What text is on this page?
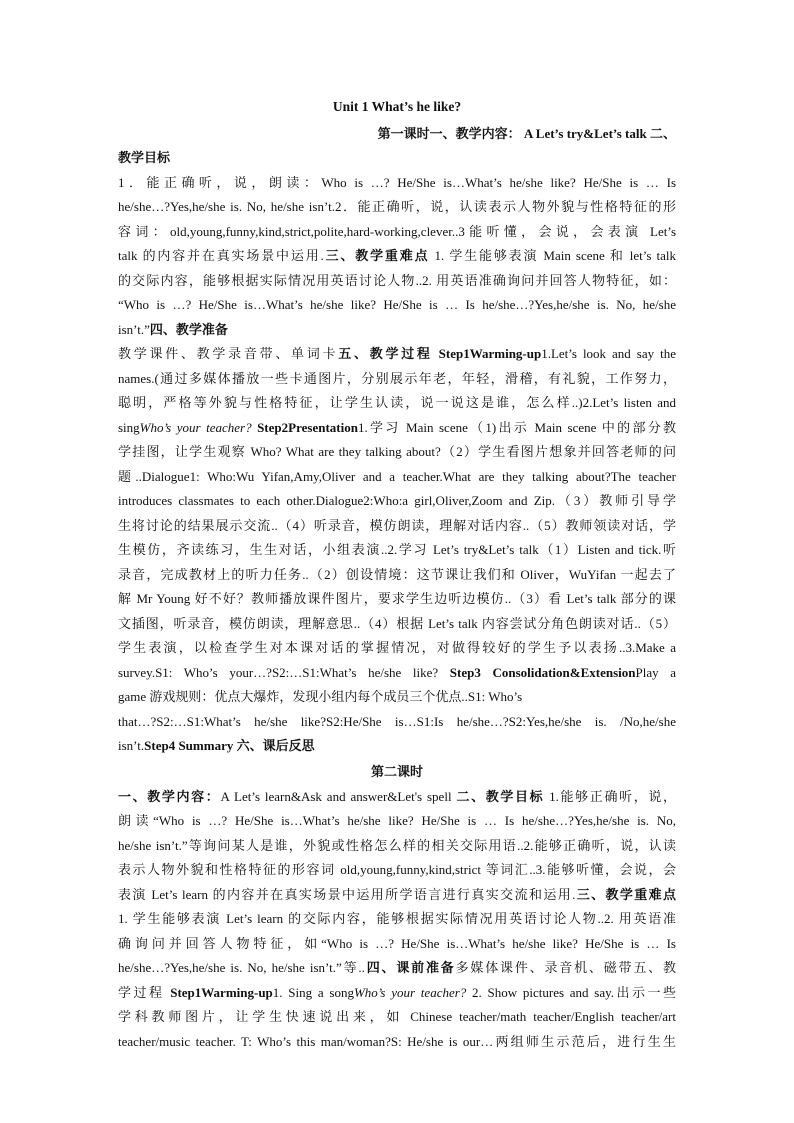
Unit 1 What’s he like?
第一课时一、教学内容： A Let’s try&Let’s talk 二、
教学目标
1．能正确听，说，朗读：Who is …? He/She is…What’s he/she like? He/She is … Is
he/she…?Yes,he/she is. No, he/she isn’t.2．能正确听，说，认读表示人物外貌与性格特征的形
容词：old,young,funny,kind,strict,polite,hard-working,clever..3能听懂，会说，会表演 Let’s
talk 的内容并在真实场景中运用.三、教学重难点 1. 学生能够表演 Main scene 和 let’s talk
的交际内容，能够根据实际情况用英语讨论人物..2. 用英语准确询问并回答人物特征，如：
“Who is …? He/She is…What’s he/she like? He/She is … Is he/she…?Yes,he/she is. No, he/she
isn’t.”四、教学准备
教学课件、教学录音带、单词卡五、教学过程 Step1Warming-up1.Let’s look and say the
names.(通过多媒体播放一些卡通图片，分别展示年老，年轻，滑稽，有礼貌，工作努力，
聪明，严格等外貌与性格特征，让学生认读，说一说这是谁，怎么样..)2.Let’s listen and
singWho’s your teacher? Step2Presentation1.学习 Main scene（1)出示 Main scene 中的部分教
学挂图，让学生观察 Who? What are they talking about?（2）学生看图片想象并回答老师的问
题..Dialogue1: Who:Wu Yifan,Amy,Oliver and a teacher.What are they talking about?The teacher
introduces classmates to each other.Dialogue2:Who:a girl,Oliver,Zoom and Zip.（3）教师引导学
生将讨论的结果展示交流..（4）听录音，模仿朗读，理解对话内容..（5）教师领读对话，学
生模仿，齐读练习，生生对话，小组表演..2.学习 Let’s try&Let’s talk（1）Listen and tick.听
录音，完成教材上的听力任务..（2）创设情境：这节课让我们和 Oliver，WuYifan 一起去了
解 Mr Young 好不好？教师播放课件图片，要求学生边听边模仿..（3）看 Let’s talk 部分的课
文插图，听录音，模仿朗读，理解意思..（4）根据 Let’s talk 内容尝试分角色朗读对话..（5）
学生表演，以检查学生对本课对话的掌握情况，对做得较好的学生予以表扬..3.Make a
survey.S1: Who’s your…?S2:…S1:What’s he/she like? Step3 Consolidation&ExtensionPlay a
game 游戏规则：优点大爆炸，发现小组内每个成员三个优点..S1: Who’s
that…?S2:…S1:What’s he/she like?S2:He/She is…S1:Is he/she…?S2:Yes,he/she is. /No,he/she
isn’t.Step4 Summary 六、课后反思
第二课时
一、教学内容：A Let’s learn&Ask and answer&Let's spell 二、教学目标 1.能够正确听，说，
朗读“Who is …? He/She is…What’s he/she like? He/She is … Is he/she…?Yes,he/she is. No,
he/she isn’t.”等询问某人是谁，外貌或性格怎么样的相关交际用语..2.能够正确听，说，认读
表示人物外貌和性格特征的形容词 old,young,funny,kind,strict 等词汇..3.能够听懂，会说，会
表演 Let’s learn 的内容并在真实场景中运用所学语言进行真实交流和运用.三、教学重难点
1. 学生能够表演 Let’s learn 的交际内容，能够根据实际情况用英语讨论人物..2. 用英语准
确询问并回答人物特征，如“Who is …? He/She is…What’s he/she like? He/She is … Is
he/she…?Yes,he/she is. No, he/she isn’t.”等..四、课前准备多媒体课件、录音机、磁带五、教
学过程 Step1Warming-up1. Sing a songWho’s your teacher? 2. Show pictures and say.出示一些
学科教师图片，让学生快速说出来，如 Chinese teacher/math teacher/English teacher/art
teacher/music teacher. T: Who’s this man/woman?S: He/she is our…两组师生示范后，进行生生
